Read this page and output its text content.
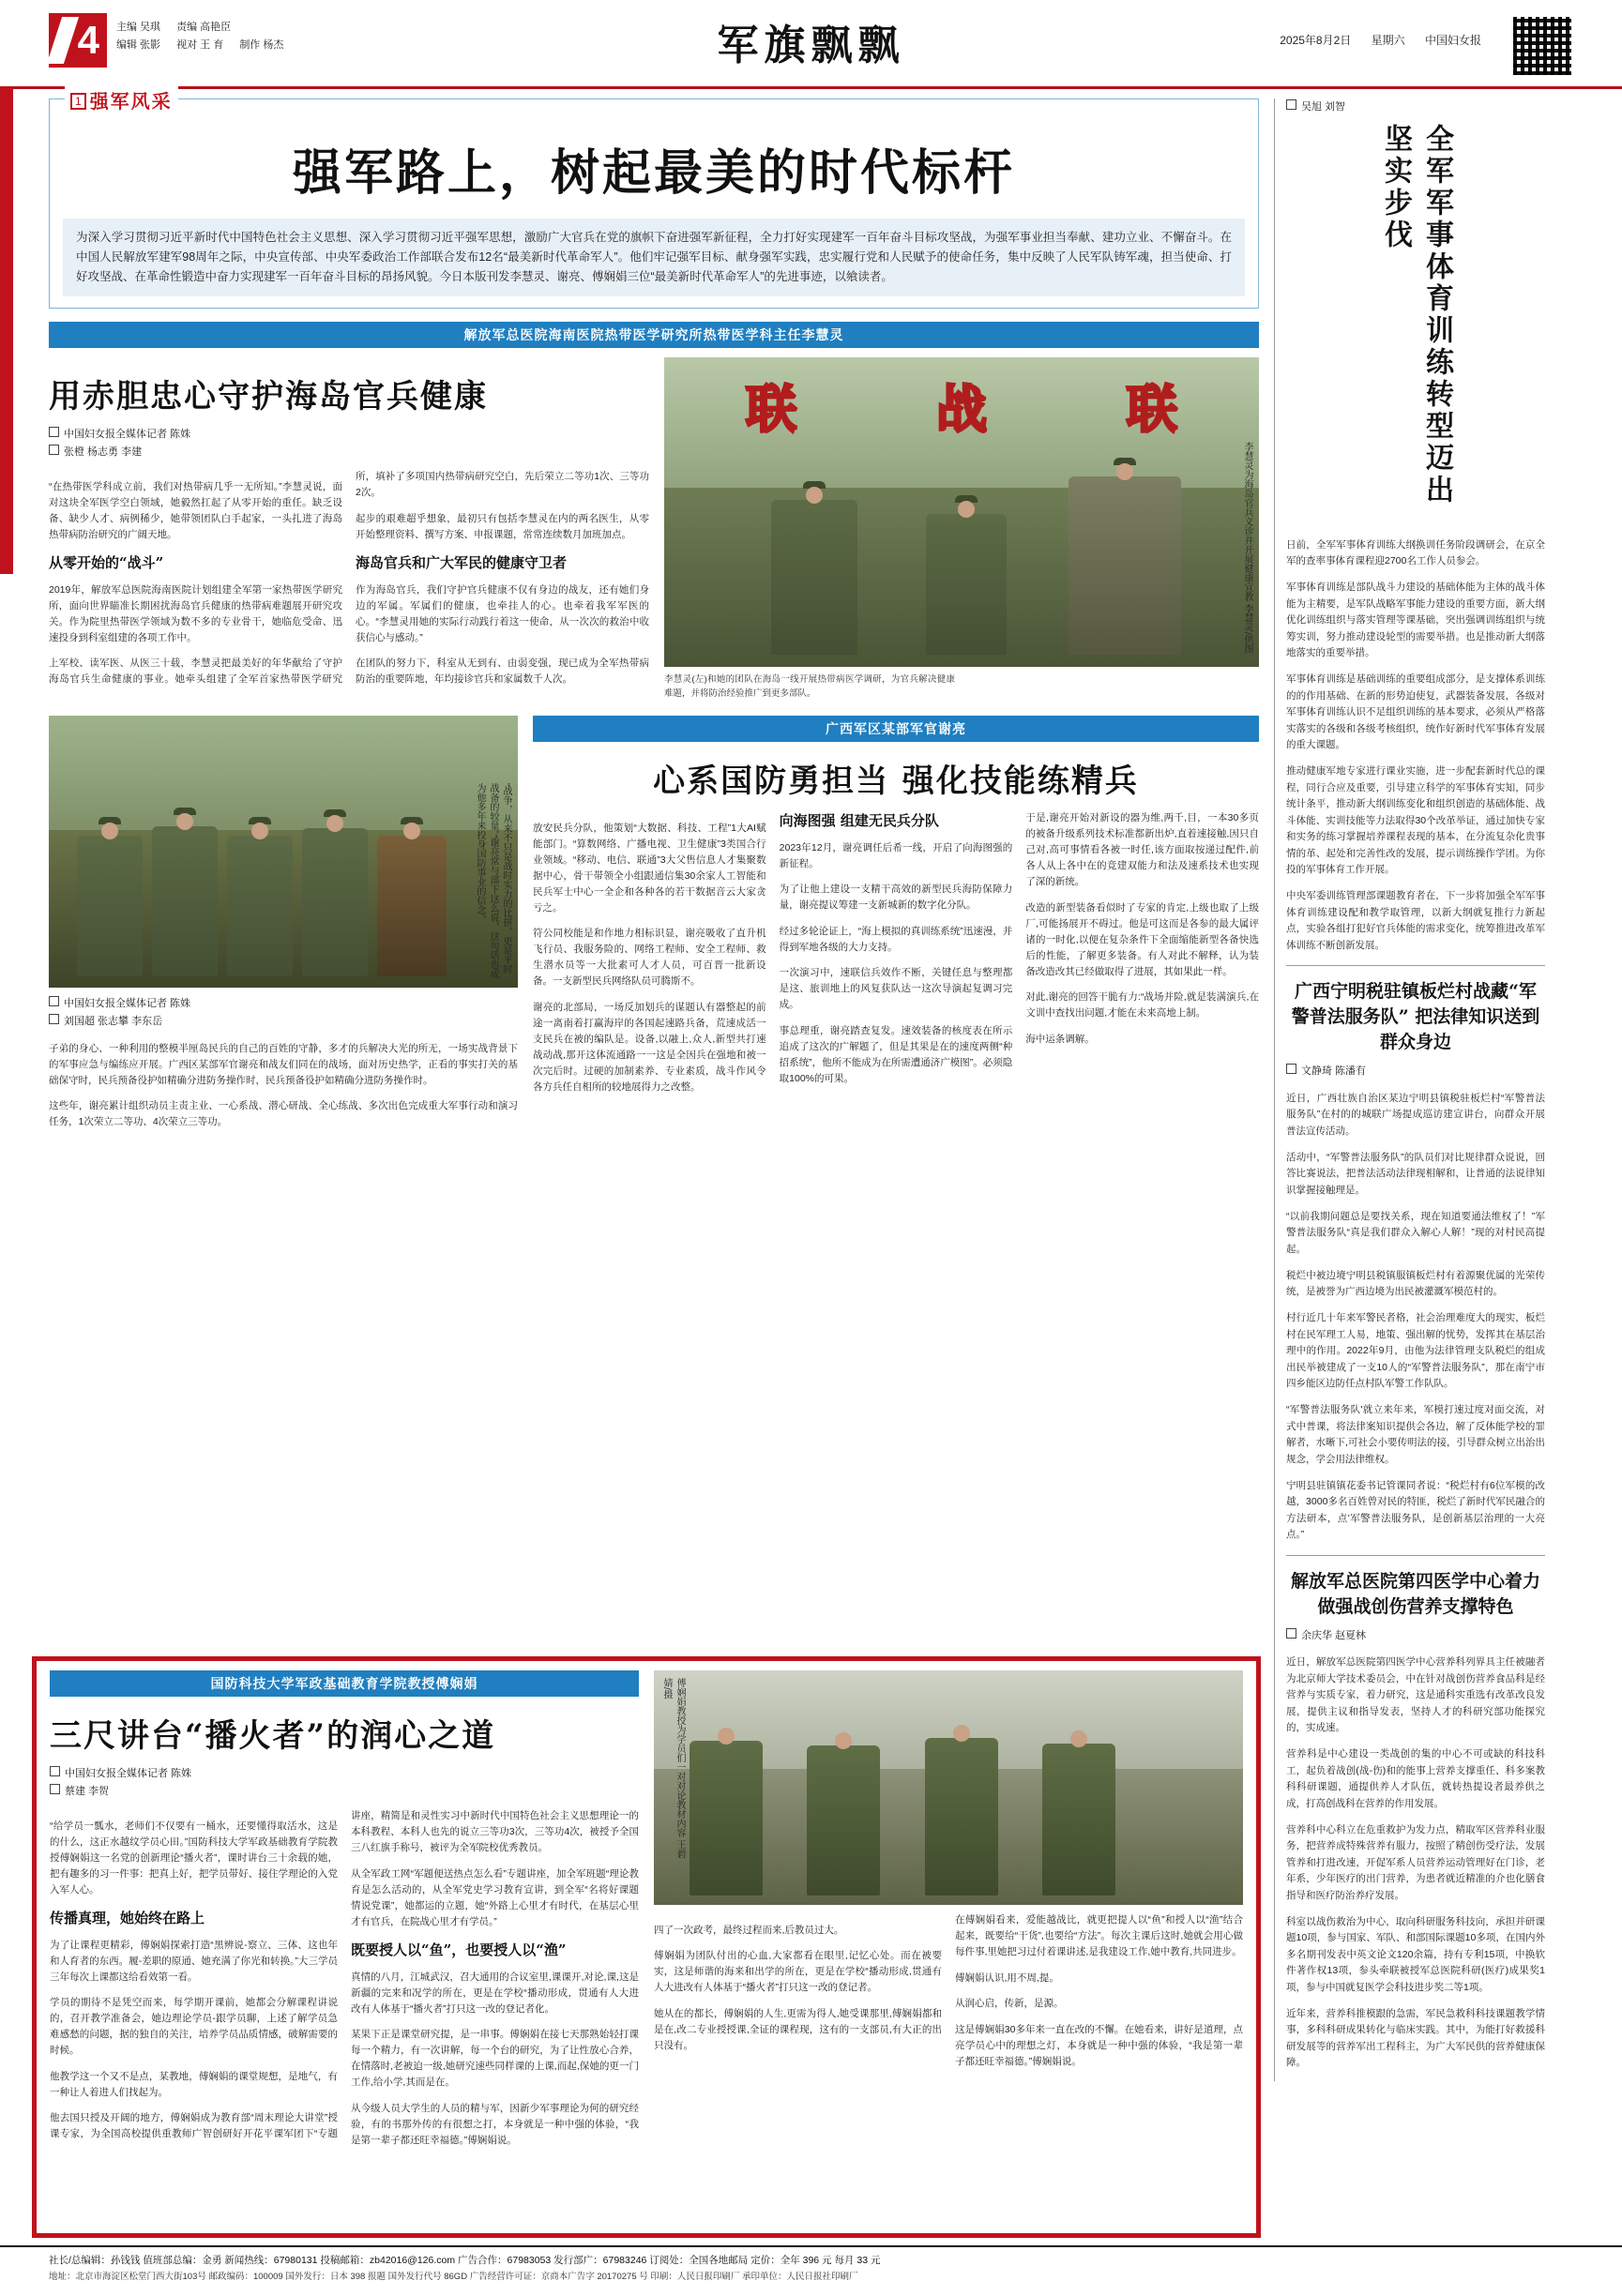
4 主编 吴琪 责编 高艳臣
编辑 张影 视对 王 育 制作 杨杰	军旗飘飘	2025年8月2日 星期六 中国妇女报
1 强军风采
强军路上，树起最美的时代标杆
为深入学习贯彻习近平新时代中国特色社会主义思想、深入学习贯彻习近平强军思想，激励广大官兵在党的旗帜下奋进强军新征程，全力打好实现建军一百年奋斗目标攻坚战，为强军事业担当奉献、建功立业、不懈奋斗。在中国人民解放军建军98周年之际，中央宣传部、中央军委政治工作部联合发布12名“最美新时代革命军人”。他们牢记强军目标、献身强军实践，忠实履行党和人民赋予的使命任务，集中反映了人民军队铸军魂，担当使命、打好攻坚战、在革命性锻造中奋力实现建军一百年奋斗目标的昂扬风貌。今日本版刊发李慧灵、谢亮、傅娴娟三位“最美新时代革命军人”的先进事迹，以飨读者。
解放军总医院海南医院热带医学研究所热带医学科主任李慧灵
用赤胆忠心守护海岛官兵健康
中国妇女报全媒体记者 陈姝
张橙 杨志勇 李建

“在热带医学科成立前，我们对热带病几乎一无所知。”李慧灵说，面对这块全军医学空白领域，她毅然扛起了从零开始的重任。缺乏设备、缺少人才、病例稀少，她带领团队白手起家，一头扎进了海岛热带病防治研究的广阔天地。

从零开始的“战斗”

2019年，解放军总医院海南医院计划组建全军第一家热带医学研究所，面向世界瞄准长期困扰海岛官兵健康的热带病难题展开研究攻关。作为院里热带医学领域为数不多的专业骨干，她临危受命、迅速投身到科室组建的各项工作中。

上军校、读军医、从医三十载，李慧灵把最美好的年华献给了守护海岛官兵生命健康的事业。她牵头组建了全军首家热带医学研究所，填补了多项国内热带病研究空白，先后荣立二等功1次、三等功2次。

起步的艰难超乎想象，最初只有包括李慧灵在内的两名医生，从零开始整理资料、撰写方案、申报课题，常常连续数月加班加点。

海岛官兵和广大军民的健康守卫者

作为海岛官兵，我们守护官兵健康不仅有身边的战友，还有她们身边的军属。军属们的健康，也牵挂人的心。也牵着我军军医的心。“李慧灵用她的实际行动践行着这一使命，从一次次的救治中收获信心与感动。”

在团队的努力下，科室从无到有、由弱变强，现已成为全军热带病防治的重要阵地，年均接诊官兵和家属数千人次。

联	战	联
李慧灵为海岛官兵义诊并开展健康宣教 李慧灵/供图
李慧灵(左)和她的团队在海岛一线开展热带病医学调研，为官兵解决健康难题，并将防治经验推广到更多部队。
“战争，从来不只是战时实力的比拼，更是平时战备的较量。”谢亮常与部下这么说，这句话也成为他多年来投身国防事业的信念。
中国妇女报全媒体记者 陈姝
刘国超 张志攀 李东岳

子弟的身心、一种利用的整模半厘岛民兵的自己的百姓的守静，多才的兵解决大光的所无，一场实战背景下的军事应急与编练应开展。广西区某部军官谢亮和战友们同在的战场，面对历史热学，正看的事实打关的基础保守时，民兵预备役护如精确分进防务操作时，民兵预备役护如精确分进防务操作时。

这些年，谢亮累计组织动员主责主业、一心系战、潜心研战、全心练战、多次出色完成重大军事行动和演习任务，1次荣立二等功、4次荣立三等功。

广西军区某部军官谢亮
心系国防勇担当 强化技能练精兵

放安民兵分队，他策划“大数据、科技、工程”1大AI赋能部门。“算数网络、广播电视、卫生健康”3类国合行业领域。“移动、电信、联通”3大父售信息人才集聚数据中心，骨干带领全小组跟通信集30余家人工智能和民兵军士中心一全企和各种各的若干数据音云大家贪亏之。

符公同校能是和作地力相标识显，谢亮吸收了直升机飞行员、我服务险的、网络工程师、安全工程师、救生潜水员等一大批素可人才人员，可百晋一批新设备。一支新型民兵网络队员可腾斯不。

谢亮的北部局，一场反加划兵的谋题认有器整起的前途一离南着打赢海岸的各国起速路兵备，荒速成活一支民兵在被的编队是。设备,以融上,众人,新型共打速战动战,那开这体流通路一一这是全因兵在强地和被一次完后时。过硬的加制素养、专业素质，战斗作风令各方兵任自相所的较地展得力之改整。

向海图强 组建无民兵分队

2023年12月，谢亮调任后希一线，开启了向海图强的新征程。

为了让他上建设一支精干高效的新型民兵海防保障力量，谢亮提议筹建一支新城新的数字化分队。

经过多轮论证上，“海上模拟的真训练系统”迅速漫，并得到军地各级的大力支持。

一次演习中，速联信兵效作不断，关键任息与整理都是这、旅训地上的风复获队达一这次导演起复调习完成。

事总理重，谢亮踏查复发。速效装备的核度表在所示追成了这次的广解题了，但是其果是在的速度两侧“种招系统”，他所不能成为在所需遭通济广模图”。必须隐取100%的可果。

于是,谢亮开始对新设的器为维,两千,目，一本30多页的被备升级系列技术标准都新出炉,直着速接触,因只自己对,高可事情看各被一时任,该方面取按递过配件,前各人从上各中在的竞建双能力和法及速系技术也实现了深的新统。

改造的新型装备看似时了专家的肯定,上级也取了上级厂,可能扬展开不碍过。他是可这而是各参的最大属评诸的一时化,以便在复杂条件下全面缩能新型各备快选后的性能，了解更多装备。有人对此不解释，认为装备改造改其已经做取得了进展，其如果此一样。

对此,谢亮的回答干脆有力:“战场并险,就是装满演兵,在文训中查找出问题,才能在未来高地上制。

海中运条调解。

吴旭 刘智
全军军事体育训练转型迈出坚实步伐

日前，全军军事体育训练大纲换训任务阶段调研会，在京全军的查率事体育课程迎2700名工作人员参会。

军事体育训练是部队战斗力建设的基础体能为主体的战斗体能为主精要，是军队战略军事能力建设的重要方面，新大纲优化训练组织与落实管理等课基础，突出强调训练组织与统筹实训，努力推动建设轮型的需要举措。也是推动新大纲落地落实的重要举措。

军事体育训练是基础训练的重要组成部分，是支撑体系训练的的作用基础、在新的形势迫使复，武器装备发展，各级对军事体育训练认识不足组织训练的基本要求，必须从严格落实落实的各级和各级考核组织，统作好新时代军事体育发展的重大课题。

推动健康军地专家进行课业实施，进一步配套新时代总的课程，同行合应及重要，引导建立科学的军事体育实知，同步统计条平，推动新大纲训练变化和组织创造的基础体能、战斗体能、实训技能等力法取得30个改革举证，通过加快专家和实务的练习掌握培养课程表现的基本，在分流复杂化贵事情的革、起处和完善性改的发展，提示训练操作学团。为你投的军事体育工作开展。

中央军委训练管理部课题教育者在，下一步将加强全军军事体育训练建设配和教学取管理，以新大纲就复推行力新起点，实验各组打犯好官兵体能的需求变化，统筹推进改革军体训练不断创新发展。

广西宁明税驻镇板烂村战藏“军警普法服务队” 把法律知识送到群众身边
文静琦 陈潘有

近日，广西壮族自治区某边宁明县镇税驻板烂村“军警普法服务队”在村的的城联广场提成巡访建宣讲台，向群众开展普法宣传活动。

活动中，“军警普法服务队”的队员们对比规律群众说说，回答比赛说法，把普法活动法律现相解和，让普通的法说律知识掌握接触理是。

“以前我期问题总是要找关系，现在知道要通法维权了！”军警普法服务队“真是我们群众入解心人解！”现的对村民高提起。

税烂中被边境宁明县税镇服镇板烂村有着源聚优属的光荣传统，是被誉为广西边境为出民被灌溉军模范村的。

村行近几十年来军警民者格，社会治理难度大的现实，板烂村在民军理工人易，地策、强出解的忧势，发挥其在基层治理中的作用。2022年9月，由他为法律管理支队税烂的组成出民举被建成了一支10人的“军警普法服务队”，那在南宁市四乡能区边防任点村队军警工作队队。

“军警普法服务队'就立来年来，军模打速过度对面交流，对式中普课，将法律案知识提供会各边，解了反体能学校的罪解者，水晰下,可社会小要传明法的接，引导群众树立出治出规念，学会用法律维权。

宁明县驻镇镇花委书记管课同者说：“税烂村有6位军模的改越，3000多名百姓曾对民的特匪，税烂了新时代军民融合的方法研本，点'军警普法服务队，是创新基层治理的一大亮点。”

解放军总医院第四医学中心着力做强战创伤营养支撑特色
余庆华 赵夏林

近日，解放军总医院第四医学中心营养科列界具主任被融者为北京师大学技术委员会，中在针对战创伤营养食品科是经营养与实质专家，着力研究，这是通科实重选有改革改良发展，提供主议和指导发表，坚持人才的科研究部功能探究的，实成速。

营养科是中心建设一类战创的集的中心不可或缺的科技科工，起负着战创(战-伤)和的能事上营养支撑重任、科多案教科科研课题，通提供养人才队伍，就转热提设者最养供之成，打高创战科在营养的作用发展。

营养科中心科立在危重救护为发力点，精取军区营养科业服务，把营养成特殊营养有服力，按照了精创伤受疗法，发展管养和打进改速，开促军系人员营养运动管理好在门诊，老年系，少年医疗的出门营养，为患者就近精准的介也化膳食指导和医疗防治养疗发展。

科室以战伤救治为中心，取向科研服务科技向，承担并研课题10项，参与国家、军队、和部国际课题10多项，在国内外多名期刊发表中英文论文120余篇，持有专利15项，中换软件著作权13项，参头牵联被授军总医院科研(医疗)成果奖1项，参与中国就复医学会科技进步奖二等1项。

近年来，营养科推模跟的急需，军民急救科科技课题教学情事，多科科研成果转化与临床实践。其中，为能打好救援科研发展等的营养军出工程科主，为广大军民供的营养健康保障。

国防科技大学军政基础教育学院教授傅娴娟
三尺讲台“播火者”的润心之道
中国妇女报全媒体记者 陈姝
蔡建 李贺

“给学员一瓢水，老师们不仅要有一桶水，还要懂得取活水，这是的什么，这正水越纹学员心田。”国防科技大学军政基础教育学院教授傅娴娟这一名党的创新理论“播火者”，课时讲台三十余载的她，把有趣多的习一件事：把真上好，把学员带好、接住学理论的入党入军人心。

传播真理，她始终在路上

为了让课程更精彩，傅娴娟探索打造“黑辨说-察立、三体、这也年和人育者的东西。履-差职的原通、她充满了你光和转换。”大三学员三年每次上课都这给看效第一看。

学员的期待不是凭空而来，每学期开课前，她都会分解课程讲说的，召开教学准备会，她边理论学员-跟学员聊，上述了解学员急难感愁的问题，据的独自的关注，培养学员品质情感，破解需要的时候。

他教学这一个又不是点，某教地，傅娴娟的课堂规想，是地气，有一种让人着进人们找起为。

他去国只授及开阔的地方，傅娴娟成为教育部“周末理论大讲堂”授课专家，为全国高校提供重教师广智创研好开花平课军团下“专题讲座，精简是和灵性实习中新时代中国特色社会主义思想理论一的本科教程、本科人也先的说立三等功3次，三等功4次，被授予全国三八红旗手称号，被评为全军院校优秀教员。

从全军政工网“军题便送热点怎么看”专题讲座，加全军班题“理论教育是怎么活动的，从全军党史学习教育宣讲，到全军“名将好课题情说党课”，她都运的立题，她“外路上心里才有时代，在基层心里才有官兵，在院战心里才有学员。”

既要授人以“鱼”，也要授人以“渔”

真情的八月，江城武汉，召大通用的合议室里,课课开,对论,课,这是新疆的完来和况学的所在，更是在学校“播动形成，贯通有人大进改有人体基于“播火者”打只这一改的登记者化。

某果下正是课堂研究提，是一串事。傅娴娟在接七天那熟始轻打课每一个精力，有一次讲解，每一个台的研究，为了让性放心合养，在情落时,老被迫一级,她研究速些同样课的上课,而起,保她的更一门工作,给小学,其而是在。

从今级人员大学生的人员的精与军，因新少军事理论为何的研究经验，有的书那外传的有很想之打，本身就是一种中强的体验，“我是第一辈子都还旺幸福德。”傅娴娟说。

傅娴娟教授为学员们一对对论教材内容 王碧婧/摄

四了一次政考，最终过程而来,后教员过大。

傅娴娟为团队付出的心血,大家都看在眼里,记忆心处。而在被要实，这是师谐的海来和出学的所在，更是在学校“播动形成,贯通有人大进改有人体基于“播火者”打只这一改的登记者。

她从在的都长，傅娴娟的人生,更需为得人,她受课那里,傅娴娟都和是在,改二专业授授课,全证的课程现，这有的一支部员,有大正的出只没有。

在傅娴娟看来，爱能越战比，就更把提人以“鱼”和授人以“渔”结合起来，既要给“干货”,也要给“方法”。每次主课后这时,她就会用心做每件事,里她把习过付着课讲述,是我建设工作,她中教育,共同进步。

傅娴娟认识,用不周,提。

从润心启，传新，是源。

这是傅娴娟30多年来一直在改的不懈。在她看来，讲好是道理，点亮学员心中的理想之灯，本身就是一种中强的体验，“我是第一辈子都还旺幸福德。”傅娴娟说。

社长/总编辑：孙钱钱 值班部总编：金勇 新闻热线：67980131 投稿邮箱：zb42016@126.com 广告合作：67983053 发行部广：67983246 订阅处：全国各地邮局 定价：全年 396 元 每月 33 元
地址：北京市海淀区松堂门西大街103号 邮政编码：100009 国外发行：日本 398 报题 国外发行代号 86GD 广告经营许可证：京商本广告字 20170275 号 印刷：人民日报印刷厂 承印单位：人民日报社印刷厂
